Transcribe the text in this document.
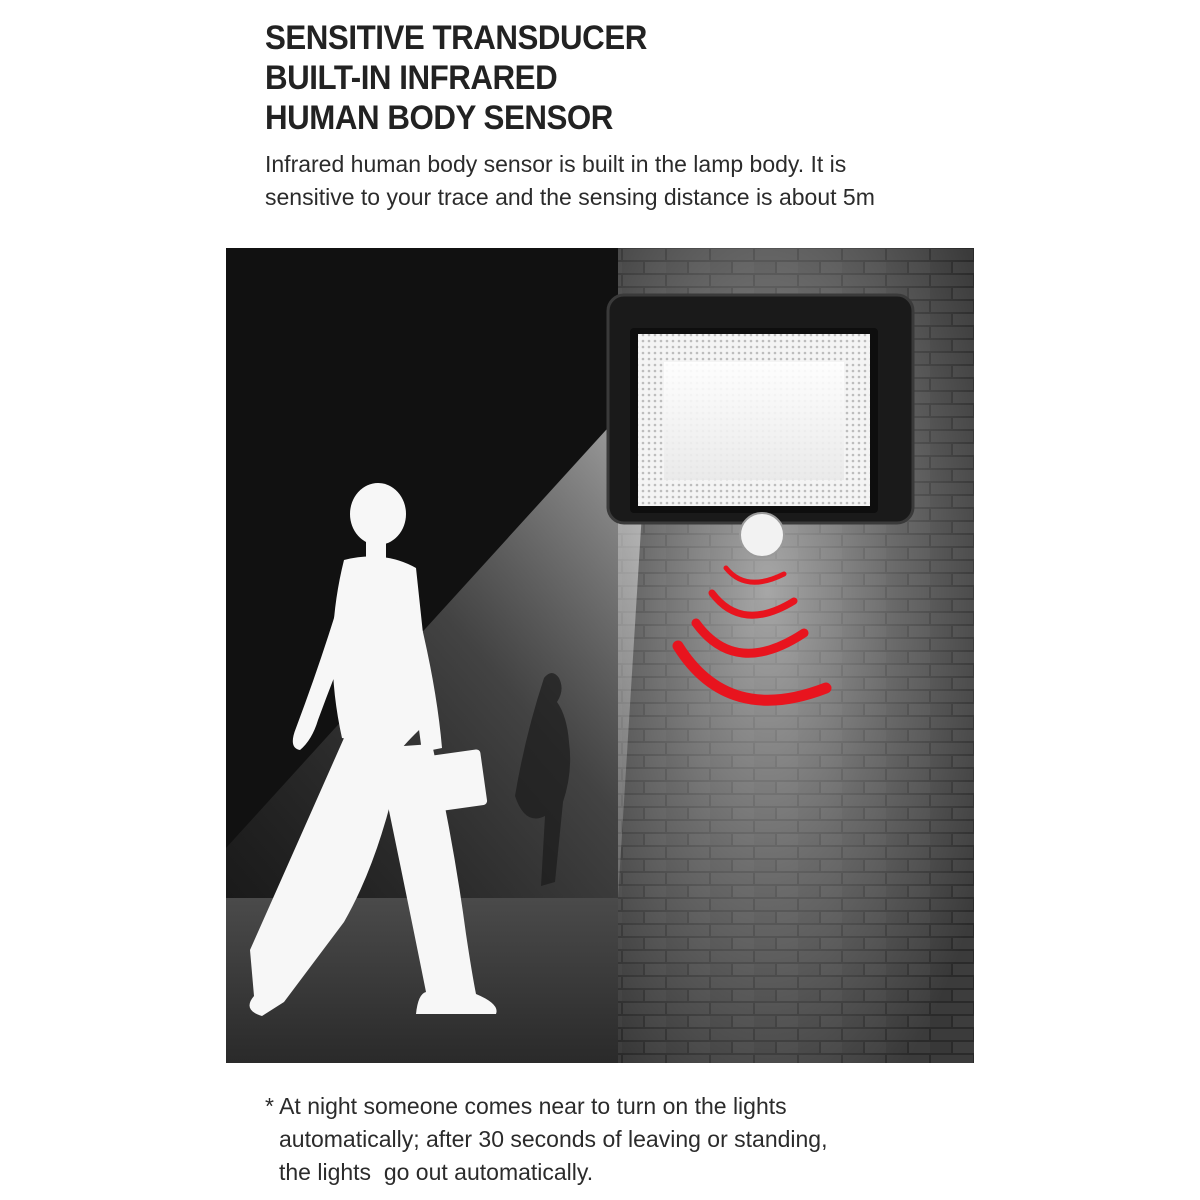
SENSITIVE TRANSDUCER
BUILT-IN INFRARED
HUMAN BODY SENSOR

Infrared human body sensor is built in the lamp body. It is
sensitive to your trace and the sensing distance is about 5m

* At night someone comes near to turn on the lights
automatically; after 30 seconds of leaving or standing,
the lights  go out automatically.
